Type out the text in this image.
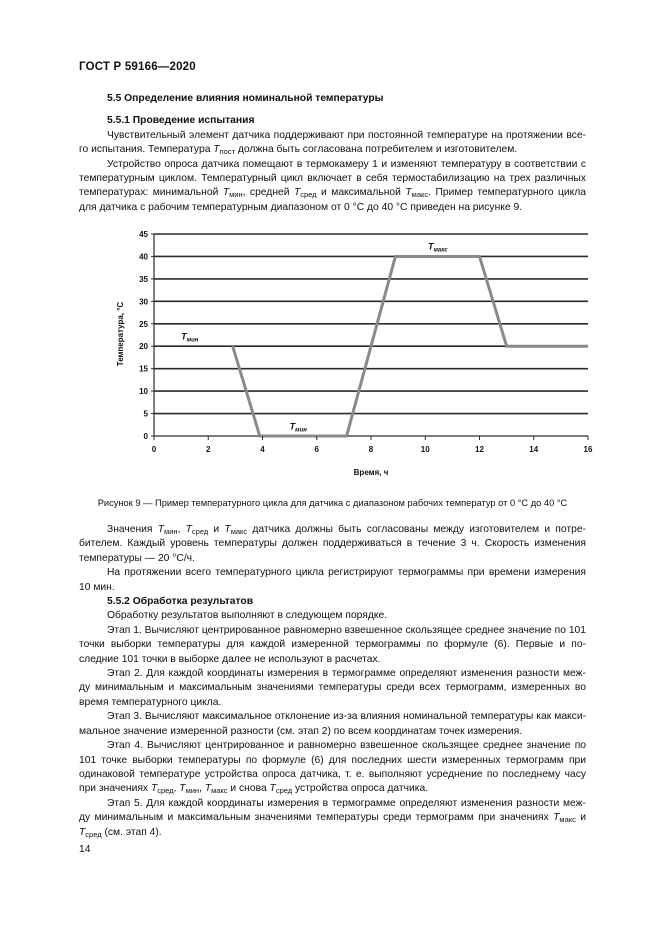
ГОСТ Р 59166—2020

5.5 Определение влияния номинальной температуры

5.5.1 Проведение испытания

Чувствительный элемент датчика поддерживают при постоянной температуре на протяжении все-го испытания. Температура $T_{пост}$ должна быть согласована потребителем и изготовителем.

Устройство опроса датчика помещают в термокамеру 1 и изменяют температуру в соответствии с температурным циклом. Температурный цикл включает в себя термостабилизацию на трех различных температурах: минимальной $T_{мин}$, средней $T_{сред}$ и максимальной $T_{макс}$. Пример температурного цикла для датчика с рабочим температурным диапазоном от 0 °С до 40 °С приведен на рисунке 9.

0
5
10
15
20
25
30
35
40
45
0	2	4	6	8	10	12	14	16
$T_{мин}$
$T_{мин}$
$T_{макс}$
Температура, °С
Время, ч
Рисунок 9 — Пример температурного цикла для датчика с диапазоном рабочих температур от 0 °С до 40 °С

Значения $T_{мин}$, $T_{сред}$ и $T_{макс}$ датчика должны быть согласованы между изготовителем и потре-бителем. Каждый уровень температуры должен поддерживаться в течение 3 ч. Скорость изменения температуры — 20 °С/ч.

На протяжении всего температурного цикла регистрируют термограммы при времени измерения 10 мин.

5.5.2 Обработка результатов

Обработку результатов выполняют в следующем порядке.

Этап 1. Вычисляют центрированное равномерно взвешенное скользящее среднее значение по 101 точки выборки температуры для каждой измеренной термограммы по формуле (6). Первые и по-следние 101 точки в выборке далее не используют в расчетах.

Этап 2. Для каждой координаты измерения в термограмме определяют изменения разности меж-ду минимальным и максимальным значениями температуры среди всех термограмм, измеренных во время температурного цикла.

Этап 3. Вычисляют максимальное отклонение из-за влияния номинальной температуры как макси-мальное значение измеренной разности (см. этап 2) по всем координатам точек измерения.

Этап 4. Вычисляют центрированное и равномерно взвешенное скользящее среднее значение по 101 точке выборки температуры по формуле (6) для последних шести измеренных термограмм при одинаковой температуре устройства опроса датчика, т. е. выполняют усреднение по последнему часу при значениях $T_{сред}$, $T_{мин}$, $T_{макс}$ и снова $T_{сред}$ устройства опроса датчика.

Этап 5. Для каждой координаты измерения в термограмме определяют изменения разности меж-ду минимальным и максимальным значениями температуры среди термограмм при значениях $T_{макс}$ и $T_{сред}$ (см. этап 4).

14
